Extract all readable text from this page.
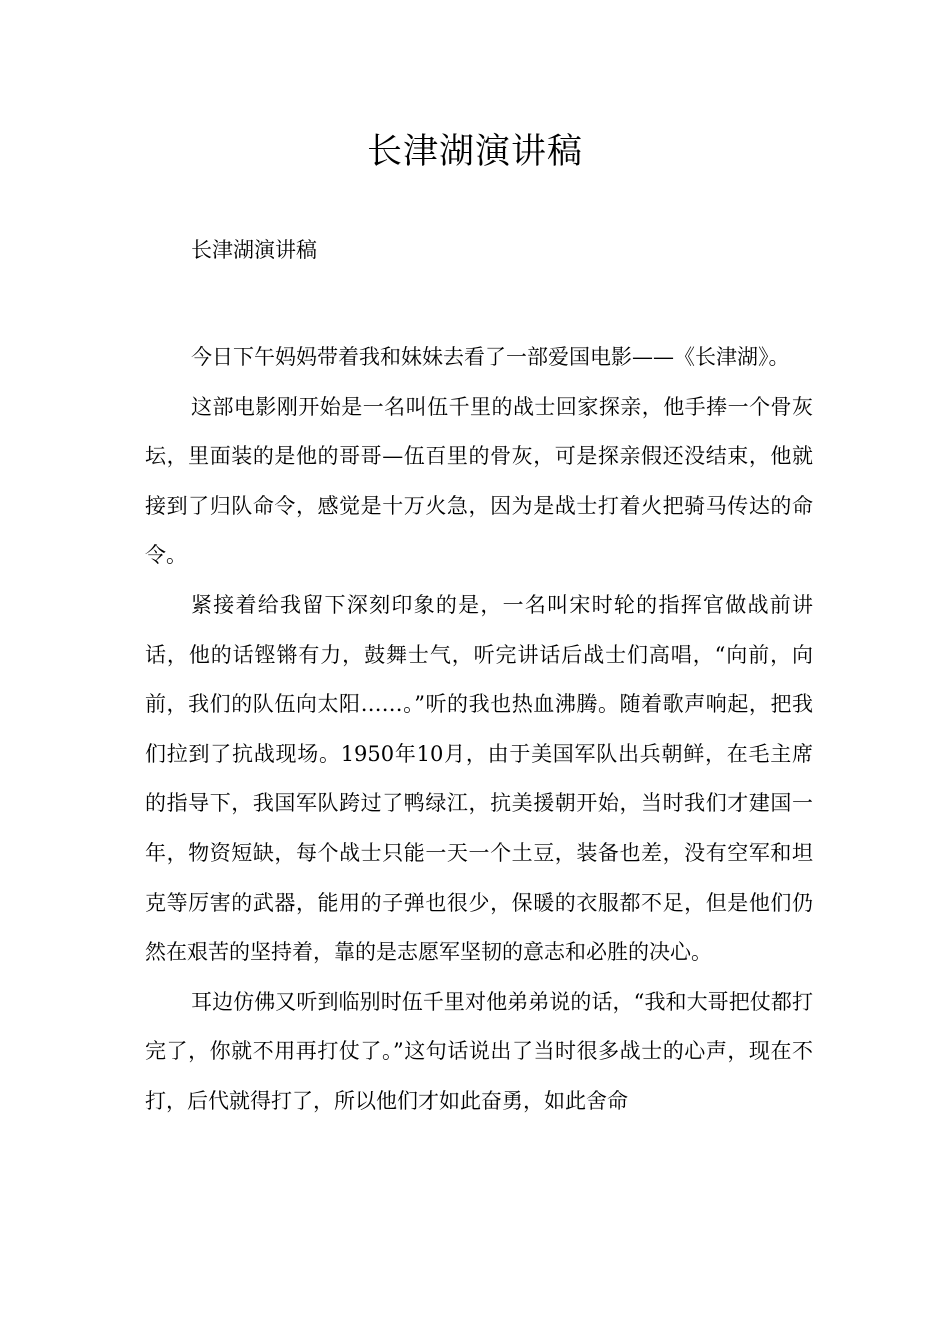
长津湖演讲稿

长津湖演讲稿

今日下午妈妈带着我和妹妹去看了一部爱国电影——《长津湖》。

这部电影刚开始是一名叫伍千里的战士回家探亲，他手捧一个骨灰坛，里面装的是他的哥哥—伍百里的骨灰，可是探亲假还没结束，他就接到了归队命令，感觉是十万火急，因为是战士打着火把骑马传达的命令。

紧接着给我留下深刻印象的是，一名叫宋时轮的指挥官做战前讲话，他的话铿锵有力，鼓舞士气，听完讲话后战士们高唱，“向前，向前，我们的队伍向太阳……。”听的我也热血沸腾。随着歌声响起，把我们拉到了抗战现场。1950年10月，由于美国军队出兵朝鲜，在毛主席的指导下，我国军队跨过了鸭绿江，抗美援朝开始，当时我们才建国一年，物资短缺，每个战士只能一天一个土豆，装备也差，没有空军和坦克等厉害的武器，能用的子弹也很少，保暖的衣服都不足，但是他们仍然在艰苦的坚持着，靠的是志愿军坚韧的意志和必胜的决心。

耳边仿佛又听到临别时伍千里对他弟弟说的话，“我和大哥把仗都打完了，你就不用再打仗了。”这句话说出了当时很多战士的心声，现在不打，后代就得打了，所以他们才如此奋勇，如此舍命
